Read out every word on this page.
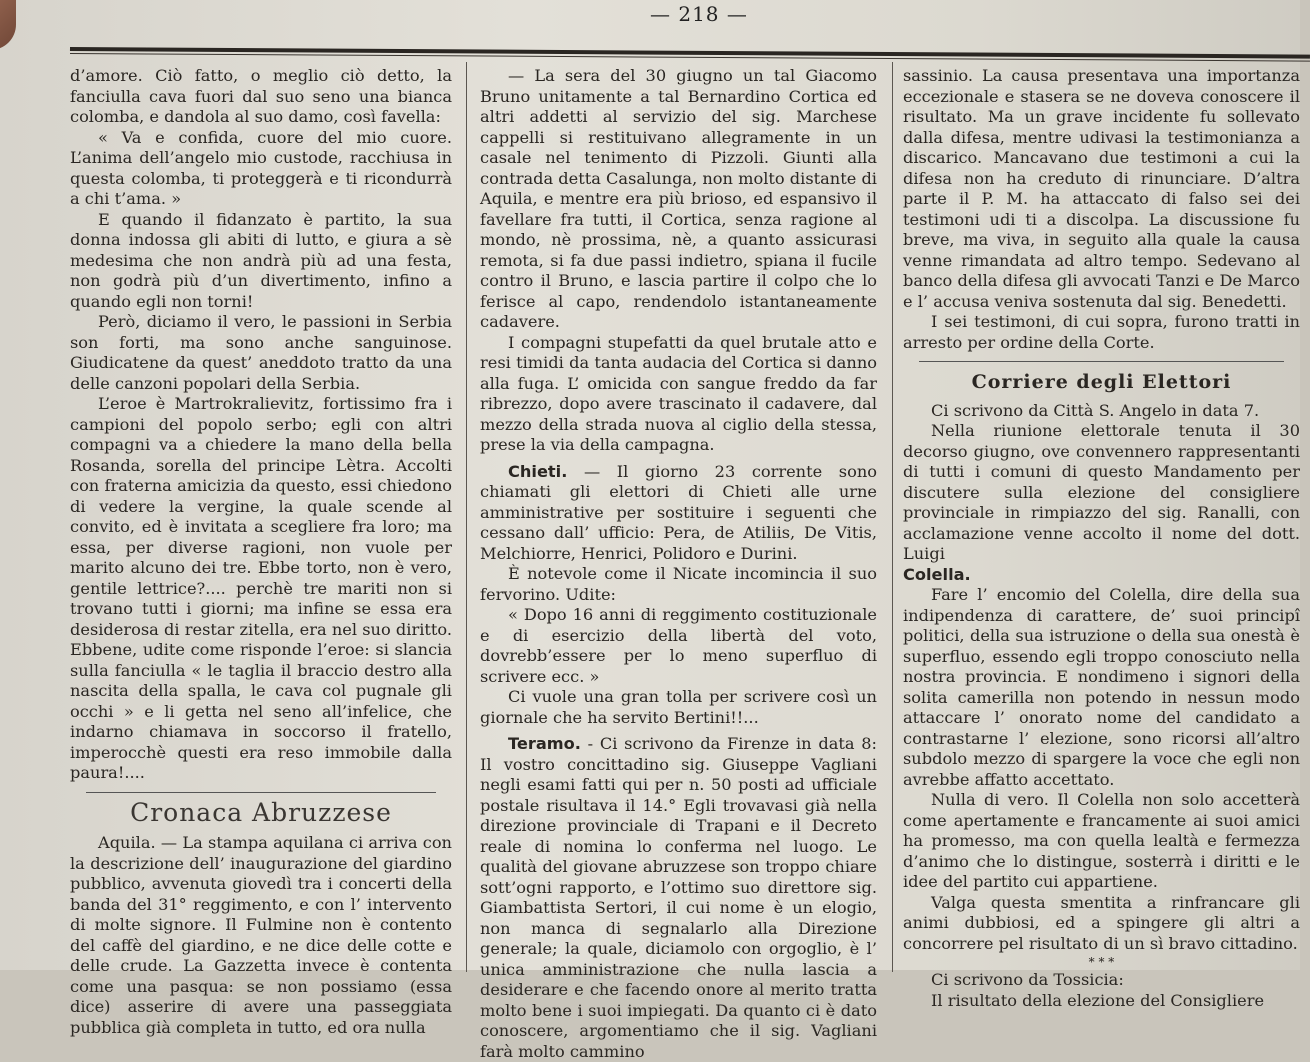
— 218 —

d’amore. Ciò fatto, o meglio ciò detto, la fanciulla cava fuori dal suo seno una bianca colomba, e dandola al suo damo, così favella:

« Va e confida, cuore del mio cuore. L’anima dell’angelo mio custode, racchiusa in questa colomba, ti proteggerà e ti ricondurrà a chi t’ama. »

E quando il fidanzato è partito, la sua donna indossa gli abiti di lutto, e giura a sè medesima che non andrà più ad una festa, non godrà più d’un divertimento, infino a quando egli non torni!

Però, diciamo il vero, le passioni in Serbia son forti, ma sono anche sanguinose. Giudicatene da quest’ aneddoto tratto da una delle canzoni popolari della Serbia.

L’eroe è Martrokralievitz, fortissimo fra i campioni del popolo serbo; egli con altri compagni va a chiedere la mano della bella Rosanda, sorella del principe Lètra. Accolti con fraterna amicizia da questo, essi chiedono di vedere la vergine, la quale scende al convito, ed è invitata a scegliere fra loro; ma essa, per diverse ragioni, non vuole per marito alcuno dei tre. Ebbe torto, non è vero, gentile lettrice?.... perchè tre mariti non si trovano tutti i giorni; ma infine se essa era desiderosa di restar zitella, era nel suo diritto. Ebbene, udite come risponde l’eroe: si slancia sulla fanciulla « le taglia il braccio destro alla nascita della spalla, le cava col pugnale gli occhi » e li getta nel seno all’infelice, che indarno chiamava in soccorso il fratello, imperocchè questi era reso immobile dalla paura!....

Cronaca Abruzzese

Aquila. — La stampa aquilana ci arriva con la descrizione dell’ inaugurazione del giardino pubblico, avvenuta giovedì tra i concerti della banda del 31° reggimento, e con l’ intervento di molte signore. Il Fulmine non è contento del caffè del giardino, e ne dice delle cotte e delle crude. La Gazzetta invece è contenta come una pasqua: se non possiamo (essa dice) asserire di avere una passeggiata pubblica già completa in tutto, ed ora nulla

— La sera del 30 giugno un tal Giacomo Bruno unitamente a tal Bernardino Cortica ed altri addetti al servizio del sig. Marchese cappelli si restituivano allegramente in un casale nel tenimento di Pizzoli. Giunti alla contrada detta Casalunga, non molto distante di Aquila, e mentre era più brioso, ed espansivo il favellare fra tutti, il Cortica, senza ragione al mondo, nè prossima, nè, a quanto assicurasi remota, si fa due passi indietro, spiana il fucile contro il Bruno, e lascia partire il colpo che lo ferisce al capo, rendendolo istantaneamente cadavere.

I compagni stupefatti da quel brutale atto e resi timidi da tanta audacia del Cortica si danno alla fuga. L’ omicida con sangue freddo da far ribrezzo, dopo avere trascinato il cadavere, dal mezzo della strada nuova al ciglio della stessa, prese la via della campagna.

Chieti. — Il giorno 23 corrente sono chiamati gli elettori di Chieti alle urne amministrative per sostituire i seguenti che cessano dall’ ufficio: Pera, de Atiliis, De Vitis, Melchiorre, Henrici, Polidoro e Durini.

È notevole come il Nicate incomincia il suo fervorino. Udite:

« Dopo 16 anni di reggimento costituzionale e di esercizio della libertà del voto, dovrebb’essere per lo meno superfluo di scrivere ecc. »

Ci vuole una gran tolla per scrivere così un giornale che ha servito Bertini!!...

Teramo. - Ci scrivono da Firenze in data 8: Il vostro concittadino sig. Giuseppe Vagliani negli esami fatti qui per n. 50 posti ad ufficiale postale risultava il 14.° Egli trovavasi già nella direzione provinciale di Trapani e il Decreto reale di nomina lo conferma nel luogo. Le qualità del giovane abruzzese son troppo chiare sott’ogni rapporto, e l’ottimo suo direttore sig. Giambattista Sertori, il cui nome è un elogio, non manca di segnalarlo alla Direzione generale; la quale, diciamolo con orgoglio, è l’ unica amministrazione che nulla lascia a desiderare e che facendo onore al merito tratta molto bene i suoi impiegati. Da quanto ci è dato conoscere, argomentiamo che il sig. Vagliani farà molto cammino

sassinio. La causa presentava una importanza eccezionale e stasera se ne doveva conoscere il risultato. Ma un grave incidente fu sollevato dalla difesa, mentre udivasi la testimonianza a discarico. Mancavano due testimoni a cui la difesa non ha creduto di rinunciare. D’altra parte il P. M. ha attaccato di falso sei dei testimoni udi ti a discolpa. La discussione fu breve, ma viva, in seguito alla quale la causa venne rimandata ad altro tempo. Sedevano al banco della difesa gli avvocati Tanzi e De Marco e l’ accusa veniva sostenuta dal sig. Benedetti.

I sei testimoni, di cui sopra, furono tratti in arresto per ordine della Corte.

Corriere degli Elettori

Ci scrivono da Città S. Angelo in data 7.

Nella riunione elettorale tenuta il 30 decorso giugno, ove convennero rappresentanti di tutti i comuni di questo Mandamento per discutere sulla elezione del consigliere provinciale in rimpiazzo del sig. Ranalli, con acclamazione venne accolto il nome del dott. Luigi

Colella.

Fare l’ encomio del Colella, dire della sua indipendenza di carattere, de’ suoi principî politici, della sua istruzione o della sua onestà è superfluo, essendo egli troppo conosciuto nella nostra provincia. E nondimeno i signori della solita camerilla non potendo in nessun modo attaccare l’ onorato nome del candidato a contrastarne l’ elezione, sono ricorsi all’altro subdolo mezzo di spargere la voce che egli non avrebbe affatto accettato.

Nulla di vero. Il Colella non solo accetterà come apertamente e francamente ai suoi amici ha promesso, ma con quella lealtà e fermezza d’animo che lo distingue, sosterrà i diritti e le idee del partito cui appartiene.

Valga questa smentita a rinfrancare gli animi dubbiosi, ed a spingere gli altri a concorrere pel risultato di un sì bravo cittadino.

* * *

Ci scrivono da Tossicia:

Il risultato della elezione del Consigliere
